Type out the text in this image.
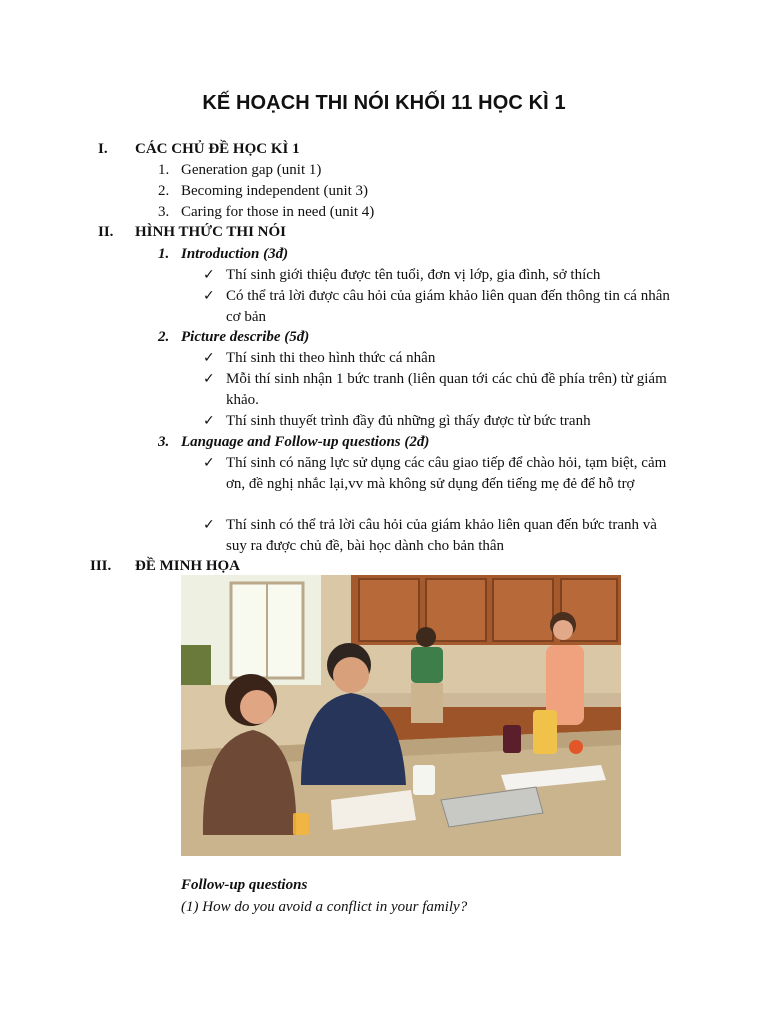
KẾ HOẠCH THI NÓI KHỐI 11 HỌC KÌ 1
I. CÁC CHỦ ĐỀ HỌC KÌ 1
1. Generation gap (unit 1)
2. Becoming independent (unit 3)
3. Caring for those in need (unit 4)
II. HÌNH THỨC THI NÓI
1. Introduction (3đ)
✓ Thí sinh giới thiệu được tên tuổi, đơn vị lớp, gia đình, sở thích
✓ Có thể trả lời được câu hỏi của giám khảo liên quan đến thông tin cá nhân cơ bản
2. Picture describe (5đ)
✓ Thí sinh thi theo hình thức cá nhân
✓ Mỗi thí sinh nhận 1 bức tranh (liên quan tới các chủ đề phía trên) từ giám khảo.
✓ Thí sinh thuyết trình đầy đủ những gì thấy được từ bức tranh
3. Language and Follow-up questions (2đ)
✓ Thí sinh có năng lực sử dụng các câu giao tiếp để chào hỏi, tạm biệt, cảm ơn, đề nghị nhắc lại,vv mà không sử dụng đến tiếng mẹ đẻ để hỗ trợ
✓ Thí sinh có thể trả lời câu hỏi của giám khảo liên quan đến bức tranh và suy ra được chủ đề, bài học dành cho bản thân
III. ĐỀ MINH HỌA
Follow-up questions
(1) How do you avoid a conflict in your family?
